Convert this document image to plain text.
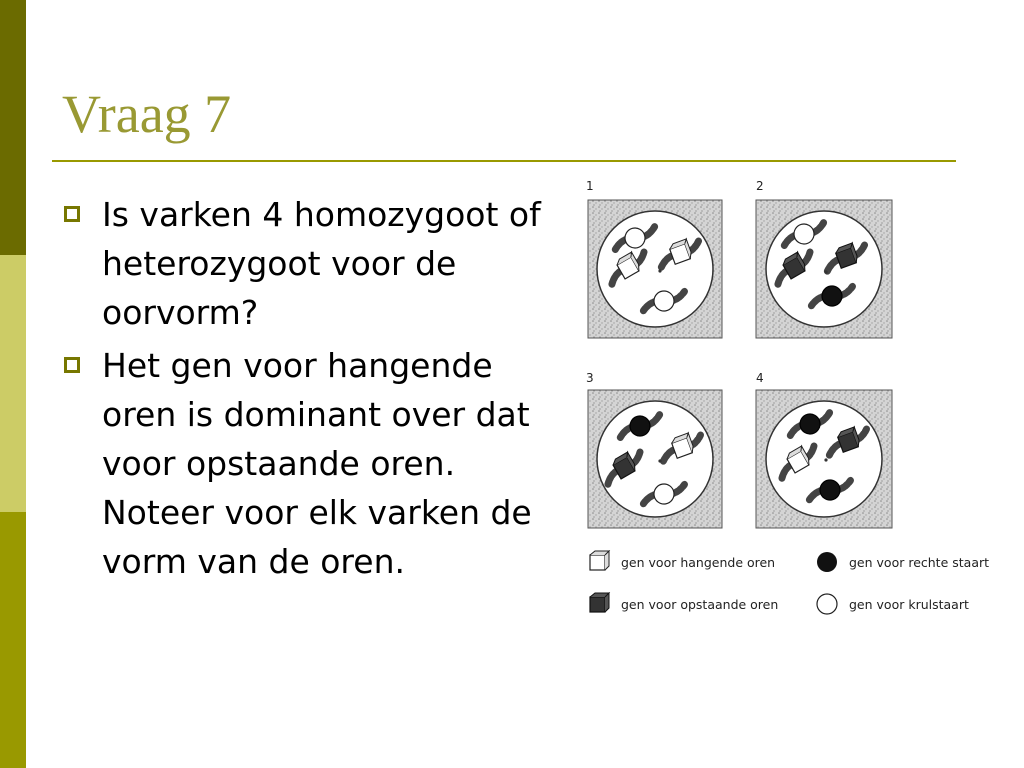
Vraag 7
Is varken 4 homozygoot of heterozygoot voor de oorvorm?
Het gen voor hangende oren is dominant over dat voor opstaande oren. Noteer voor elk varken de vorm van de oren.
1	2
3	4
gen voor hangende oren	gen voor rechte staart
gen voor opstaande oren	gen voor krulstaart
